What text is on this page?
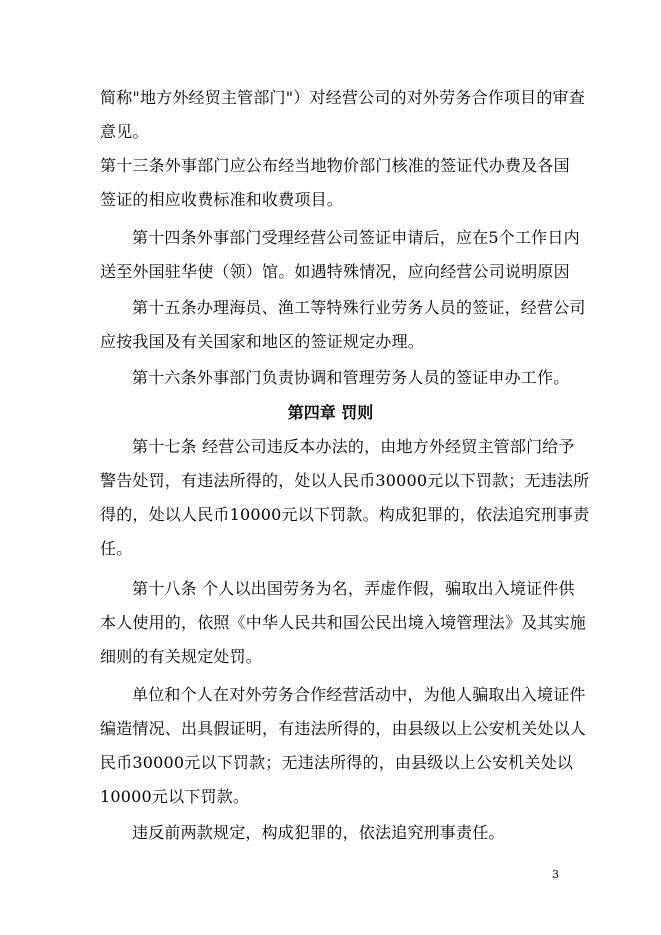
简称"地方外经贸主管部门"）对经营公司的对外劳务合作项目的审查
意见。
第十三条外事部门应公布经当地物价部门核准的签证代办费及各国
签证的相应收费标准和收费项目。
第十四条外事部门受理经营公司签证申请后，应在5个工作日内
送至外国驻华使（领）馆。如遇特殊情况，应向经营公司说明原因
第十五条办理海员、渔工等特殊行业劳务人员的签证，经营公司
应按我国及有关国家和地区的签证规定办理。
第十六条外事部门负责协调和管理劳务人员的签证申办工作。
第四章 罚则
第十七条 经营公司违反本办法的，由地方外经贸主管部门给予
警告处罚，有违法所得的，处以人民币30000元以下罚款；无违法所
得的，处以人民币10000元以下罚款。构成犯罪的，依法追究刑事责
任。
第十八条 个人以出国劳务为名，弄虚作假，骗取出入境证件供
本人使用的，依照《中华人民共和国公民出境入境管理法》及其实施
细则的有关规定处罚。
单位和个人在对外劳务合作经营活动中，为他人骗取出入境证件
编造情况、出具假证明，有违法所得的，由县级以上公安机关处以人
民币30000元以下罚款；无违法所得的，由县级以上公安机关处以
10000元以下罚款。
违反前两款规定，构成犯罪的，依法追究刑事责任。
3
